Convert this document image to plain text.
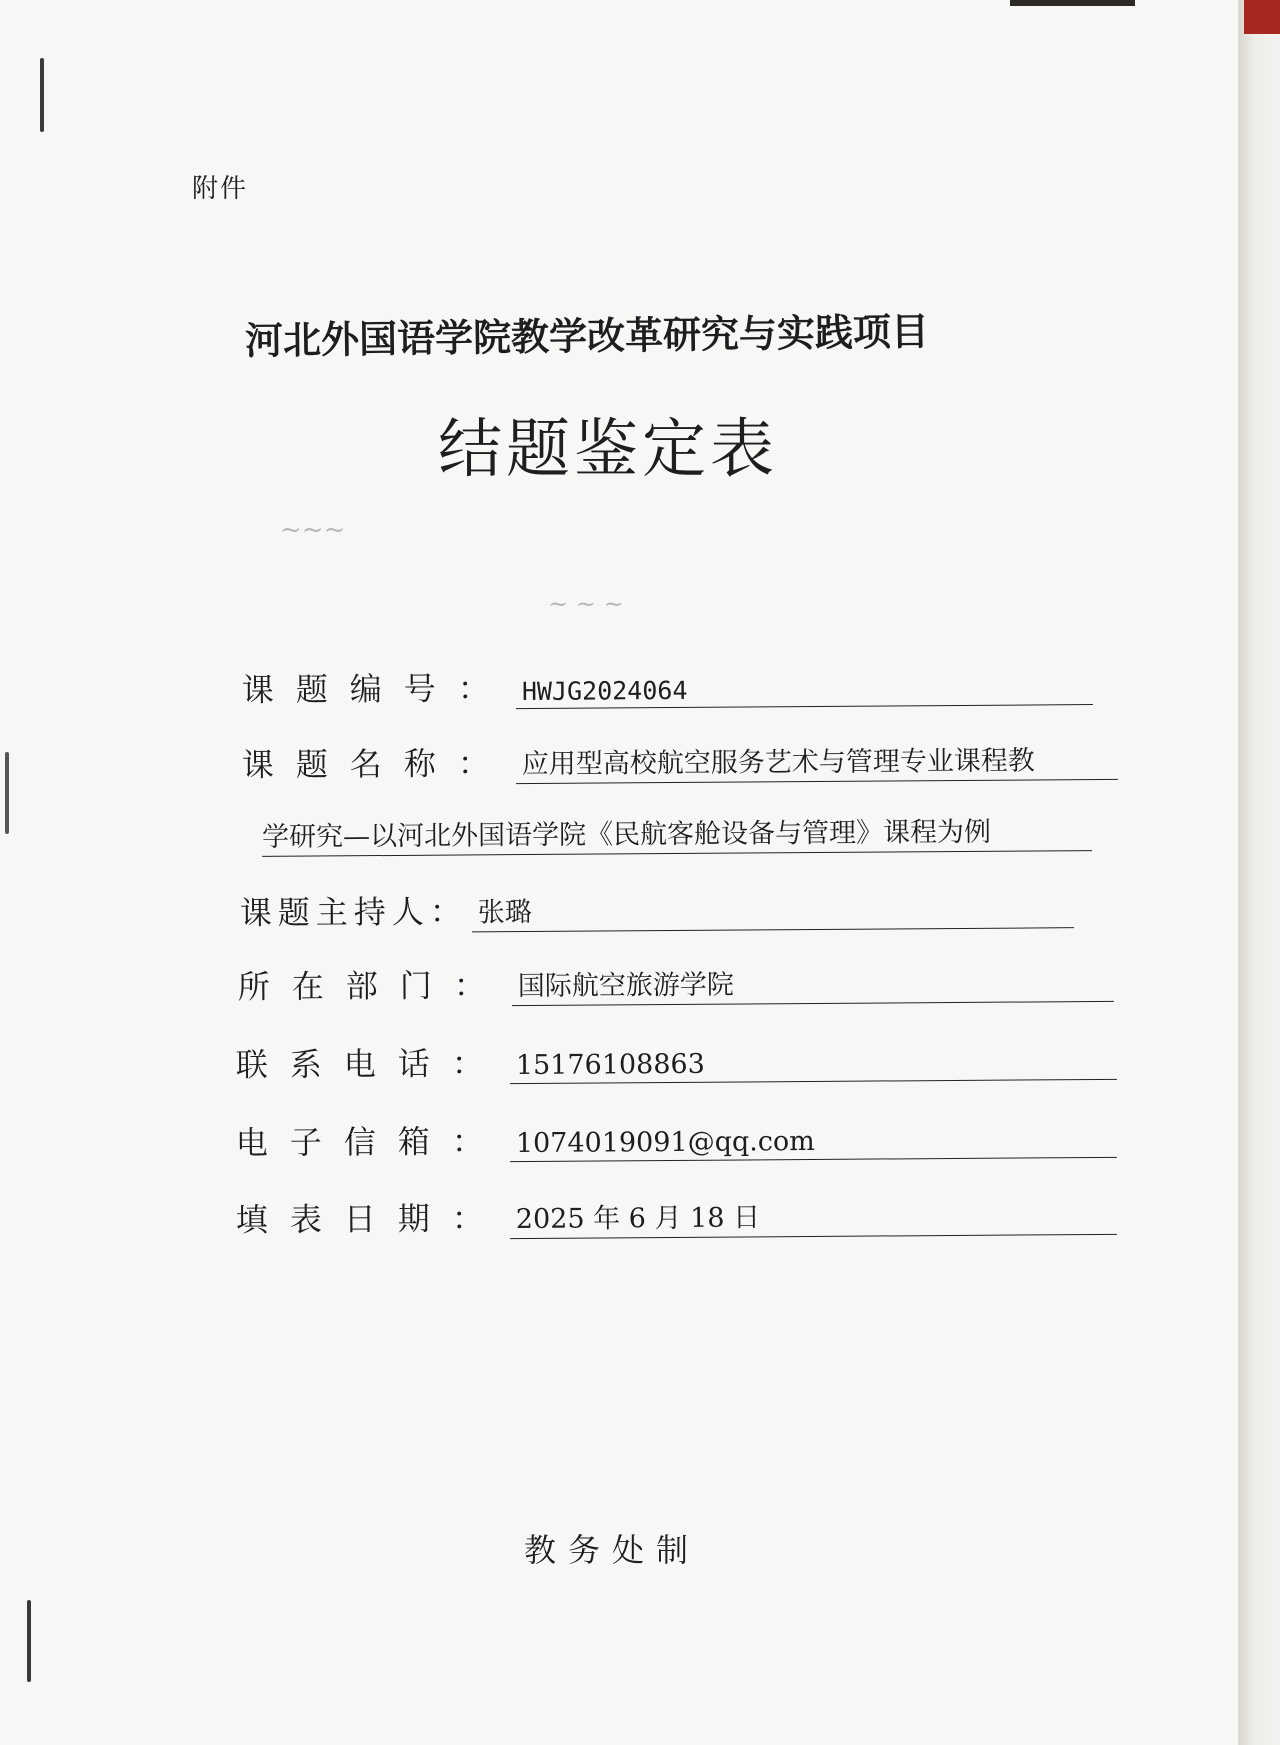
附件
河北外国语学院教学改革研究与实践项目
结题鉴定表
~~~
~ ~ ~
课题编号： HWJG2024064
课题名称： 应用型高校航空服务艺术与管理专业课程教
学研究—以河北外国语学院《民航客舱设备与管理》课程为例
课题主持人： 张璐
所在部门： 国际航空旅游学院
联系电话： 15176108863
电子信箱： 1074019091@qq.com
填表日期： 2025 年 6 月 18 日
教务处制
